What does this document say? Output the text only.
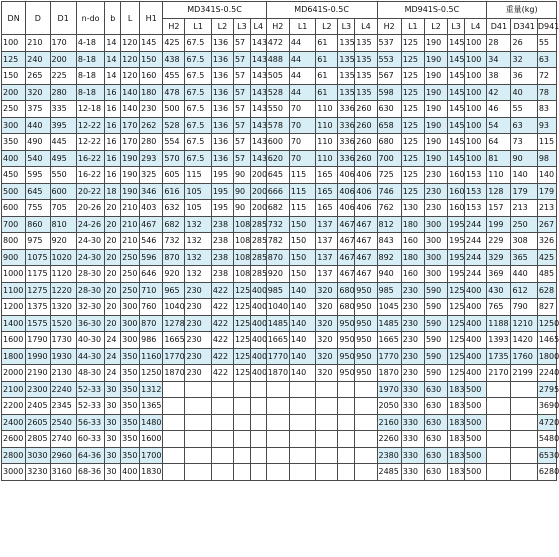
DN	D	D1	n-do	b	L	H1	MD341S-0.5C					MD641S-0.5C					MD941S-0.5C					重量(kg)		
							H2	L1	L2	L3	L4	H2	L1	L2	L3	L4	H2	L1	L2	L3	L4	D41	D341	D941
100	210	170	4-18	14	120	145	425	67.5	136	57	143	472	44	61	135	135	537	125	190	145	100	28	26	55
125	240	200	8-18	14	120	150	438	67.5	136	57	143	488	44	61	135	135	553	125	190	145	100	34	32	63
150	265	225	8-18	14	120	160	455	67.5	136	57	143	505	44	61	135	135	567	125	190	145	100	38	36	72
200	320	280	8-18	16	140	180	478	67.5	136	57	143	528	44	61	135	135	598	125	190	145	100	42	40	78
250	375	335	12-18	16	140	230	500	67.5	136	57	143	550	70	110	336	260	630	125	190	145	100	46	55	83
300	440	395	12-22	16	170	262	528	67.5	136	57	143	578	70	110	336	260	658	125	190	145	100	54	63	93
350	490	445	12-22	16	170	280	554	67.5	136	57	143	600	70	110	336	260	680	125	190	145	100	64	73	115
400	540	495	16-22	16	190	293	570	67.5	136	57	143	620	70	110	336	260	700	125	190	145	100	81	90	98
450	595	550	16-22	16	190	325	605	115	195	90	200	645	115	165	406	406	725	125	230	160	153	110	140	140
500	645	600	20-22	18	190	346	616	105	195	90	200	666	115	165	406	406	746	125	230	160	153	128	179	179
600	755	705	20-26	20	210	403	632	105	195	90	200	682	115	165	406	406	762	130	230	160	153	157	213	213
700	860	810	24-26	20	210	467	682	132	238	108	285	732	150	137	467	467	812	180	300	195	244	199	250	267
800	975	920	24-30	20	210	546	732	132	238	108	285	782	150	137	467	467	843	160	300	195	244	229	308	326
900	1075	1020	24-30	20	250	596	870	132	238	108	285	870	150	137	467	467	892	180	300	195	244	329	365	425
1000	1175	1120	28-30	20	250	646	920	132	238	108	285	920	150	137	467	467	940	160	300	195	244	369	440	485
1100	1275	1220	28-30	20	250	710	965	230	422	125	400	985	140	320	680	950	985	230	590	125	400	430	612	628
1200	1375	1320	32-30	20	300	760	1040	230	422	125	400	1040	140	320	680	950	1045	230	590	125	400	765	790	827
1400	1575	1520	36-30	20	300	870	1278	230	422	125	400	1485	140	320	950	950	1485	230	590	125	400	1188	1210	1250
1600	1790	1730	40-30	24	300	986	1665	230	422	125	400	1665	140	320	950	950	1665	230	590	125	400	1393	1420	1465
1800	1990	1930	44-30	24	350	1160	1770	230	422	125	400	1770	140	320	950	950	1770	230	590	125	400	1735	1760	1800
2000	2190	2130	48-30	24	350	1250	1870	230	422	125	400	1870	140	320	950	950	1870	230	590	125	400	2170	2199	2240
2100	2300	2240	52-33	30	350	1312											1970	330	630	183	500			2795
2200	2405	2345	52-33	30	350	1365											2050	330	630	183	500			3690
2400	2605	2540	56-33	30	350	1480											2160	330	630	183	500			4720
2600	2805	2740	60-33	30	350	1600											2260	330	630	183	500			5480
2800	3030	2960	64-36	30	350	1700											2380	330	630	183	500			6530
3000	3230	3160	68-36	30	400	1830											2485	330	630	183	500			6280
